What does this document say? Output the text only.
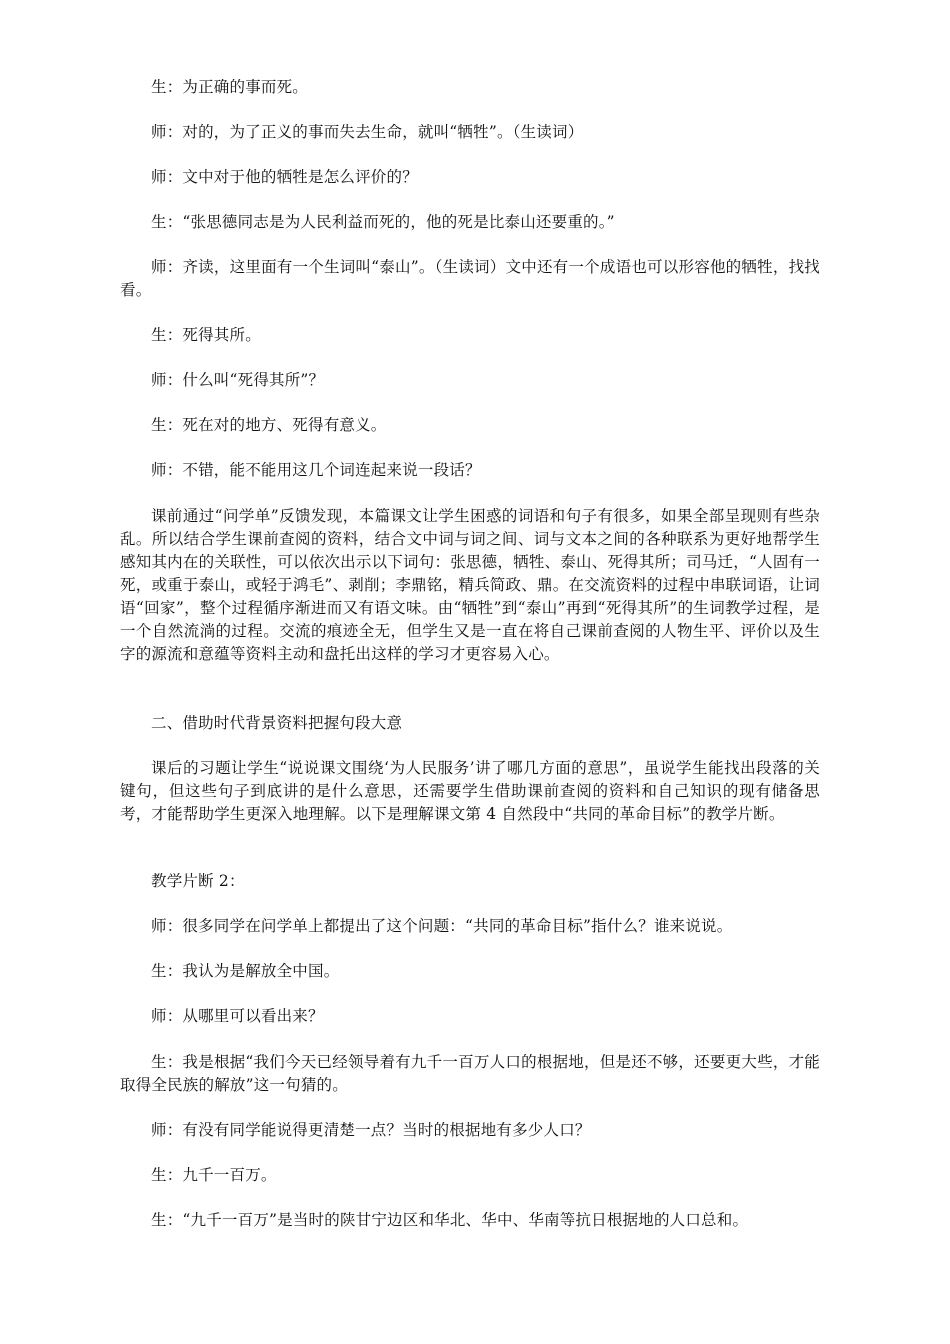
生：为正确的事而死。

师：对的，为了正义的事而失去生命，就叫“牺牲”。（生读词）

师：文中对于他的牺牲是怎么评价的？

生：“张思德同志是为人民利益而死的，他的死是比泰山还要重的。”

师：齐读，这里面有一个生词叫“泰山”。（生读词）文中还有一个成语也可以形容他的牺牲，找找看。

生：死得其所。

师：什么叫“死得其所”？

生：死在对的地方、死得有意义。

师：不错，能不能用这几个词连起来说一段话？

课前通过“问学单”反馈发现，本篇课文让学生困惑的词语和句子有很多，如果全部呈现则有些杂乱。所以结合学生课前查阅的资料，结合文中词与词之间、词与文本之间的各种联系为更好地帮学生感知其内在的关联性，可以依次出示以下词句：张思德，牺牲、泰山、死得其所；司马迁，“人固有一死，或重于泰山，或轻于鸿毛”、剥削；李鼎铭，精兵简政、鼎。在交流资料的过程中串联词语，让词语“回家”，整个过程循序渐进而又有语文味。由“牺牲”到“泰山”再到“死得其所”的生词教学过程，是一个自然流淌的过程。交流的痕迹全无，但学生又是一直在将自己课前查阅的人物生平、评价以及生字的源流和意蕴等资料主动和盘托出这样的学习才更容易入心。

二、借助时代背景资料把握句段大意

课后的习题让学生“说说课文围绕‘为人民服务’讲了哪几方面的意思”，虽说学生能找出段落的关键句，但这些句子到底讲的是什么意思，还需要学生借助课前查阅的资料和自己知识的现有储备思考，才能帮助学生更深入地理解。以下是理解课文第 4 自然段中“共同的革命目标”的教学片断。

教学片断 2：

师：很多同学在问学单上都提出了这个问题：“共同的革命目标”指什么？谁来说说。

生：我认为是解放全中国。

师：从哪里可以看出来？

生：我是根据“我们今天已经领导着有九千一百万人口的根据地，但是还不够，还要更大些，才能取得全民族的解放”这一句猜的。

师：有没有同学能说得更清楚一点？当时的根据地有多少人口？

生：九千一百万。

生：“九千一百万”是当时的陕甘宁边区和华北、华中、华南等抗日根据地的人口总和。
